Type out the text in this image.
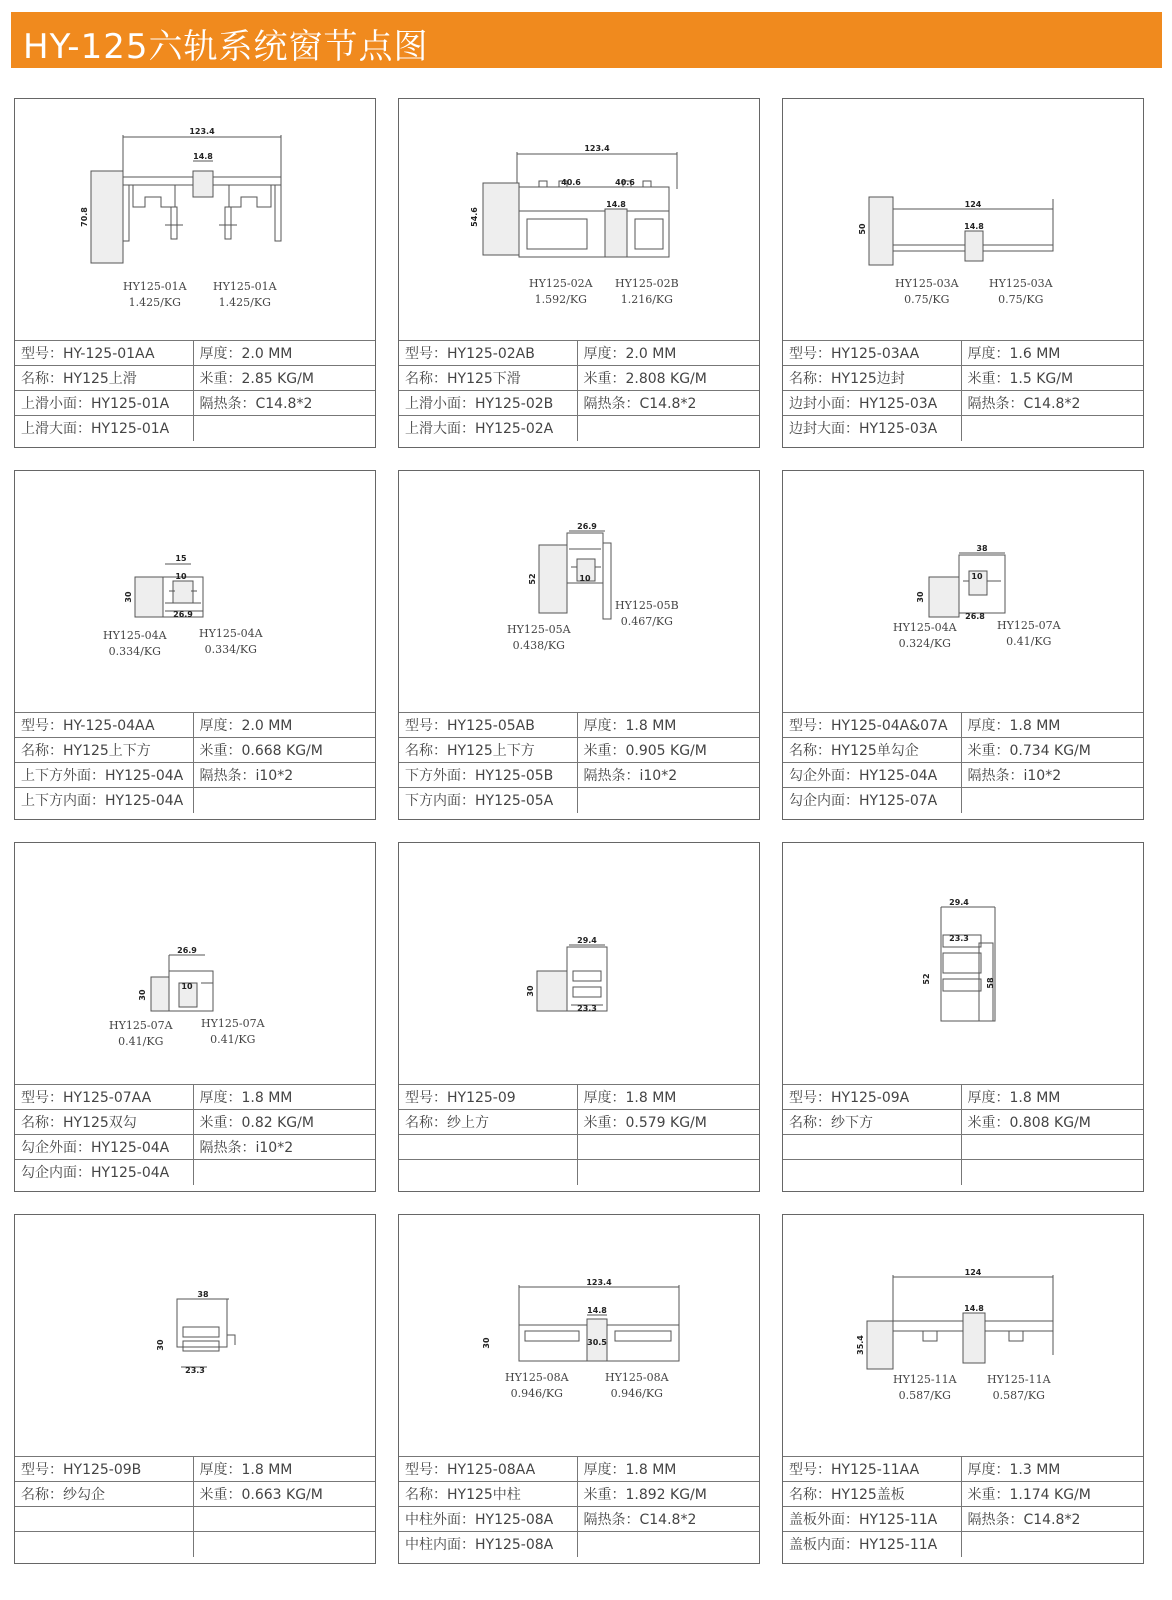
HY-125六轨系统窗节点图
123.4
14.8
70.8
HY125-01A
1.425/KG
HY125-01A
1.425/KG
型号：HY-125-01AA	厚度：2.0 MM
名称：HY125上滑	米重：2.85 KG/M
上滑小面：HY125-01A	隔热条：C14.8*2
上滑大面：HY125-01A	
123.4
40.6	40.6
14.8
54.6
HY125-02A
1.592/KG
HY125-02B
1.216/KG
型号：HY125-02AB	厚度：2.0 MM
名称：HY125下滑	米重：2.808 KG/M
上滑小面：HY125-02B	隔热条：C14.8*2
上滑大面：HY125-02A	
124
14.8
50
HY125-03A
0.75/KG
HY125-03A
0.75/KG
型号：HY125-03AA	厚度：1.6 MM
名称：HY125边封	米重：1.5 KG/M
边封小面：HY125-03A	隔热条：C14.8*2
边封大面：HY125-03A	
15
10
26.9
30
HY125-04A
0.334/KG
HY125-04A
0.334/KG
型号：HY-125-04AA	厚度：2.0 MM
名称：HY125上下方	米重：0.668 KG/M
上下方外面：HY125-04A	隔热条：i10*2
上下方内面：HY125-04A	
26.9
10
52
HY125-05A
0.438/KG
HY125-05B
0.467/KG
型号：HY125-05AB	厚度：1.8 MM
名称：HY125上下方	米重：0.905 KG/M
下方外面：HY125-05B	隔热条：i10*2
下方内面：HY125-05A	
38
10
26.8
30
HY125-04A
0.324/KG
HY125-07A
0.41/KG
型号：HY125-04A&07A	厚度：1.8 MM
名称：HY125单勾企	米重：0.734 KG/M
勾企外面：HY125-04A	隔热条：i10*2
勾企内面：HY125-07A	
26.9
10
30
HY125-07A
0.41/KG
HY125-07A
0.41/KG
型号：HY125-07AA	厚度：1.8 MM
名称：HY125双勾	米重：0.82 KG/M
勾企外面：HY125-04A	隔热条：i10*2
勾企内面：HY125-04A	
29.4
23.3
30
型号：HY125-09	厚度：1.8 MM
名称：纱上方	米重：0.579 KG/M

29.4
23.3
52	58
型号：HY125-09A	厚度：1.8 MM
名称：纱下方	米重：0.808 KG/M

38
23.3
30
型号：HY125-09B	厚度：1.8 MM
名称：纱勾企	米重：0.663 KG/M

123.4
14.8
30.5
30
HY125-08A
0.946/KG
HY125-08A
0.946/KG
型号：HY125-08AA	厚度：1.8 MM
名称：HY125中柱	米重：1.892 KG/M
中柱外面：HY125-08A	隔热条：C14.8*2
中柱内面：HY125-08A	
124
14.8
35.4
HY125-11A
0.587/KG
HY125-11A
0.587/KG
型号：HY125-11AA	厚度：1.3 MM
名称：HY125盖板	米重：1.174 KG/M
盖板外面：HY125-11A	隔热条：C14.8*2
盖板内面：HY125-11A	
